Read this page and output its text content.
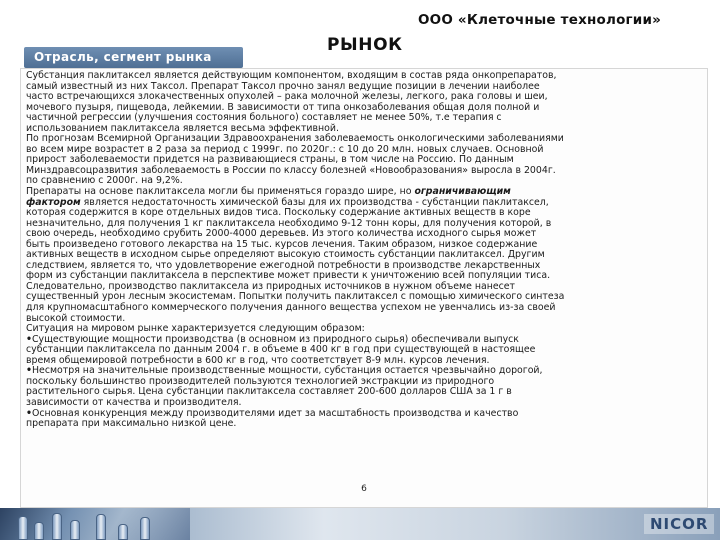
ООО «Клеточные технологии»
РЫНОК
Отрасль, сегмент рынка

Субстанция паклитаксел является действующим компонентом, входящим в состав ряда онкопрепаратов,

самый известный из них Таксол. Препарат Таксол прочно занял ведущие позиции в лечении наиболее

часто встречающихся злокачественных опухолей – рака молочной железы, легкого, рака головы и шеи,

мочевого пузыря, пищевода, лейкемии. В зависимости от типа онкозаболевания общая доля полной и

частичной регрессии (улучшения состояния больного) составляет не менее 50%, т.е терапия с

использованием паклитаксела является весьма эффективной.

По прогнозам Всемирной Организации Здравоохранения заболеваемость онкологическими заболеваниями

во всем мире возрастет в 2 раза за период с 1999г. по 2020г.: с 10 до 20 млн. новых случаев. Основной

прирост заболеваемости придется на развивающиеся страны, в том числе на Россию. По данным

Минздравсоцразвития заболеваемость в России по классу болезней «Новообразования» выросла в 2004г.

по сравнению с 2000г. на 9,2%.

Препараты на основе паклитаксела могли бы применяться гораздо шире, но ограничивающим

фактором является недостаточность химической базы для их производства - субстанции паклитаксел,

которая содержится в коре отдельных видов тиса. Поскольку содержание активных веществ в коре

незначительно, для получения 1 кг паклитаксела необходимо 9-12 тонн коры, для получения которой, в

свою очередь, необходимо срубить 2000-4000 деревьев. Из этого количества исходного сырья может

быть произведено готового лекарства на 15 тыс. курсов лечения. Таким образом, низкое содержание

активных веществ в исходном сырье определяют высокую стоимость субстанции паклитаксел. Другим

следствием, является то, что удовлетворение ежегодной потребности в производстве лекарственных

форм из субстанции паклитаксела в перспективе может привести к уничтожению всей популяции тиса.

Следовательно, производство паклитаксела из природных источников в нужном объеме нанесет

существенный урон лесным экосистемам. Попытки получить паклитаксел с помощью химического синтеза

для крупномасштабного коммерческого получения данного вещества успехом не увенчались из-за своей

высокой стоимости.

Ситуация на мировом рынке характеризуется следующим образом:

• Существующие мощности производства (в основном из природного сырья) обеспечивали выпуск

субстанции паклитаксела по данным 2004 г. в объеме в 400 кг в год при существующей в настоящее

время общемировой потребности в 600 кг в год, что соответствует 8-9 млн. курсов лечения.

• Несмотря на значительные производственные мощности, субстанция остается чрезвычайно дорогой,

поскольку большинство производителей пользуются технологией экстракции из природного

растительного сырья. Цена субстанции паклитаксела составляет 200-600 долларов США за 1 г в

зависимости от качества и производителя.

• Основная конкуренция между производителями идет за масштабность производства и качество

препарата при максимально низкой цене.

6
NICOR
